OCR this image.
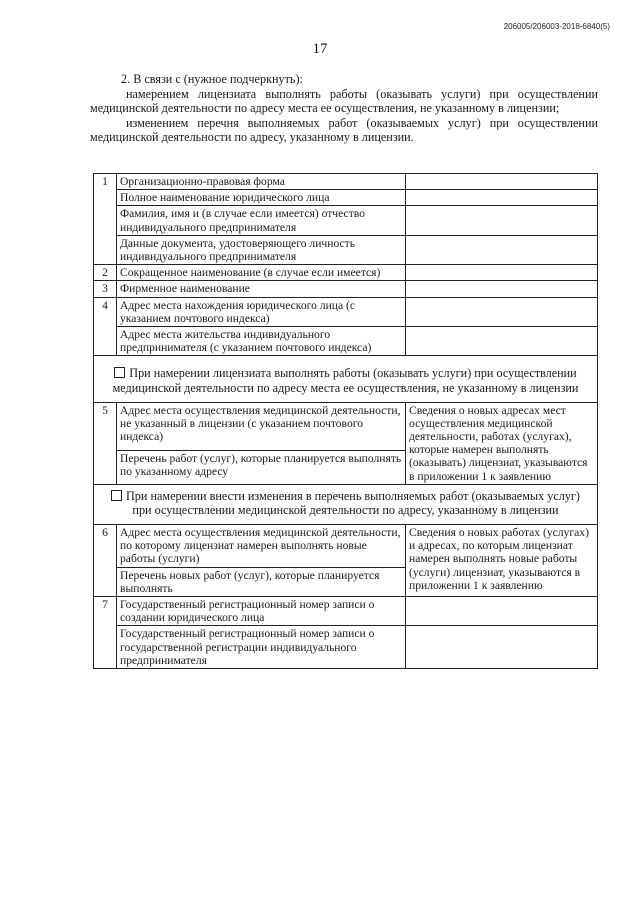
206005/206003-2018-6840(5)
17

2. В связи с (нужное подчеркнуть):

намерением лицензиата выполнять работы (оказывать услуги) при осуществлении медицинской деятельности по адресу места ее осуществления, не указанному в лицензии;

изменением перечня выполняемых работ (оказываемых услуг) при осуществлении медицинской деятельности по адресу, указанному в лицензии.

1	Организационно-правовая форма	
	Полное наименование юридического лица	
	Фамилия, имя и (в случае если имеется) отчество индивидуального предпринимателя	
	Данные документа, удостоверяющего личность индивидуального предпринимателя	
2	Сокращенное наименование (в случае если имеется)	
3	Фирменное наименование	
4	Адрес места нахождения юридического лица (с указанием почтового индекса)	
	Адрес места жительства индивидуального предпринимателя (с указанием почтового индекса)	
При намерении лицензиата выполнять работы (оказывать услуги) при осуществлении медицинской деятельности по адресу места ее осуществления, не указанному в лицензии		
5	Адрес места осуществления медицинской деятельности, не указанный в лицензии (с указанием почтового индекса)	Сведения о новых адресах мест осуществления медицинской деятельности, работах (услугах), которые намерен выполнять (оказывать) лицензиат, указываются в приложении 1 к заявлению
	Перечень работ (услуг), которые планируется выполнять по указанному адресу	
При намерении внести изменения в перечень выполняемых работ (оказываемых услуг) при осуществлении медицинской деятельности по адресу, указанному в лицензии		
6	Адрес места осуществления медицинской деятельности, по которому лицензиат намерен выполнять новые работы (услуги)	Сведения о новых работах (услугах) и адресах, по которым лицензиат намерен выполнять новые работы (услуги) лицензиат, указываются в приложении 1 к заявлению
	Перечень новых работ (услуг), которые планируется выполнять	
7	Государственный регистрационный номер записи о создании юридического лица	
	Государственный регистрационный номер записи о государственной регистрации индивидуального предпринимателя	
